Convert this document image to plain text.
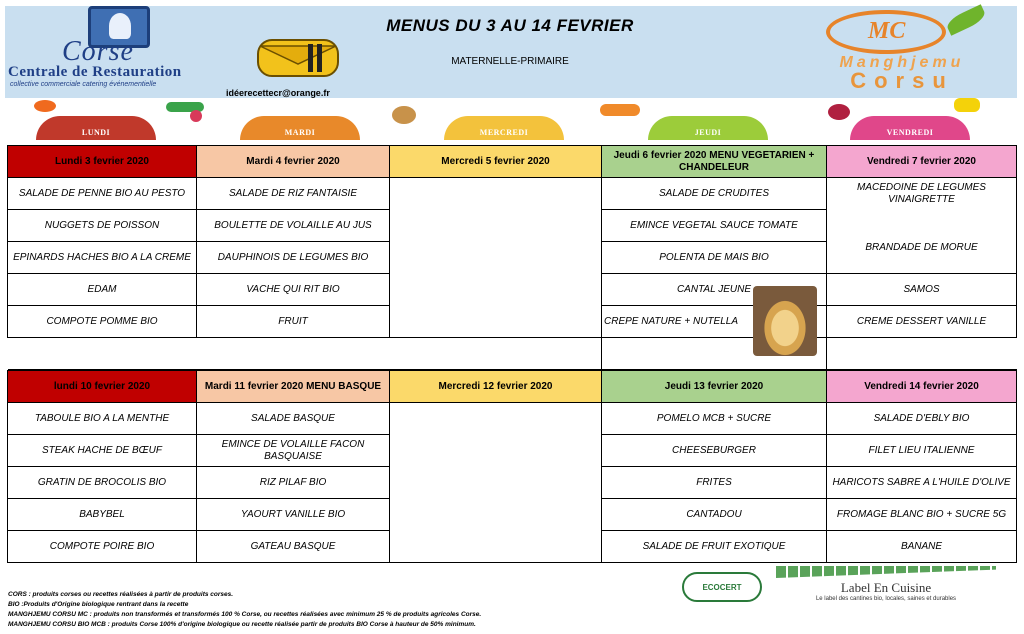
Corse
Centrale de Restauration
collective commerciale catering événementielle
idéerecettecr@orange.fr
MENUS DU 3 AU 14 FEVRIER
MATERNELLE-PRIMAIRE
MC
Manghjemu
Corsu
LUNDI	MARDI	MERCREDI	JEUDI	VENDREDI
Lundi 3 fevrier 2020	Mardi 4 fevrier 2020	Mercredi 5 fevrier 2020	Jeudi 6 fevrier 2020 MENU VEGETARIEN + CHANDELEUR	Vendredi 7 fevrier 2020
SALADE DE PENNE BIO AU PESTO	SALADE DE RIZ FANTAISIE		SALADE DE CRUDITES	MACEDOINE DE LEGUMES VINAIGRETTE
NUGGETS DE POISSON	BOULETTE DE VOLAILLE AU JUS		EMINCE VEGETAL SAUCE TOMATE	
EPINARDS HACHES BIO A LA CREME	DAUPHINOIS DE LEGUMES BIO		POLENTA DE MAIS BIO	BRANDADE DE MORUE
EDAM	VACHE QUI RIT BIO		CANTAL JEUNE	SAMOS
COMPOTE POMME BIO	FRUIT		CREPE NATURE + NUTELLA	CREME DESSERT VANILLE

lundi 10 fevrier 2020	Mardi 11 fevrier 2020 MENU BASQUE	Mercredi 12 fevrier 2020	Jeudi 13 fevrier 2020	Vendredi 14 fevrier 2020
TABOULE BIO A LA MENTHE	SALADE BASQUE		POMELO MCB + SUCRE	SALADE D'EBLY BIO
STEAK HACHE DE BŒUF	EMINCE DE VOLAILLE FACON BASQUAISE		CHEESEBURGER	FILET LIEU ITALIENNE
GRATIN DE BROCOLIS BIO	RIZ PILAF BIO		FRITES	HARICOTS SABRE A L'HUILE D'OLIVE
BABYBEL	YAOURT VANILLE BIO		CANTADOU	FROMAGE BLANC BIO + SUCRE 5G
COMPOTE POIRE BIO	GATEAU BASQUE		SALADE DE FRUIT EXOTIQUE	BANANE
CORS : produits corses ou recettes réalisées à partir de produits corses.
BIO :Produits d'Origine biologique rentrant dans la recette
MANGHJEMU CORSU MC : produits non transformés et transformés 100 % Corse, ou recettes réalisées avec minimum 25 % de produits agricoles Corse.
MANGHJEMU CORSU BIO MCB : produits Corse 100% d'origine biologique ou recette réalisée partir de produits BIO Corse à hauteur de 50% minimum.
ECOCERT	Label En Cuisine
Le label des cantines bio, locales, saines et durables
